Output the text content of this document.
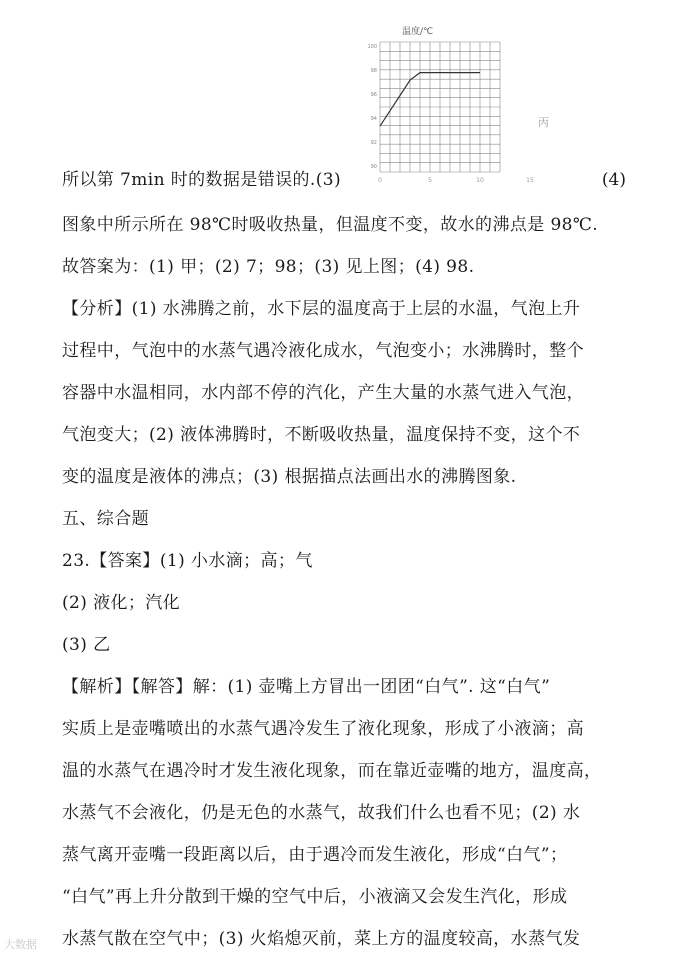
温度/℃
100
98
96
94
92
90
0	5	10	15
丙
所以第 7min 时的数据是错误的.(3)	(4)
图象中所示所在 98℃时吸收热量，但温度不变，故水的沸点是 98℃.
故答案为：(1) 甲；(2) 7；98；(3) 见上图；(4) 98.
【分析】(1) 水沸腾之前，水下层的温度高于上层的水温，气泡上升
过程中，气泡中的水蒸气遇冷液化成水，气泡变小；水沸腾时，整个
容器中水温相同，水内部不停的汽化，产生大量的水蒸气进入气泡，
气泡变大；(2) 液体沸腾时，不断吸收热量，温度保持不变，这个不
变的温度是液体的沸点；(3) 根据描点法画出水的沸腾图象.
五、综合题
23.【答案】(1) 小水滴；高；气
(2) 液化；汽化
(3) 乙
【解析】【解答】解：(1) 壶嘴上方冒出一团团“白气”. 这“白气”
实质上是壶嘴喷出的水蒸气遇冷发生了液化现象，形成了小液滴；高
温的水蒸气在遇冷时才发生液化现象，而在靠近壶嘴的地方，温度高，
水蒸气不会液化，仍是无色的水蒸气，故我们什么也看不见；(2) 水
蒸气离开壶嘴一段距离以后，由于遇冷而发生液化，形成“白气”；
“白气”再上升分散到干燥的空气中后，小液滴又会发生汽化，形成
水蒸气散在空气中；(3) 火焰熄灭前，菜上方的温度较高，水蒸气发
大数据
